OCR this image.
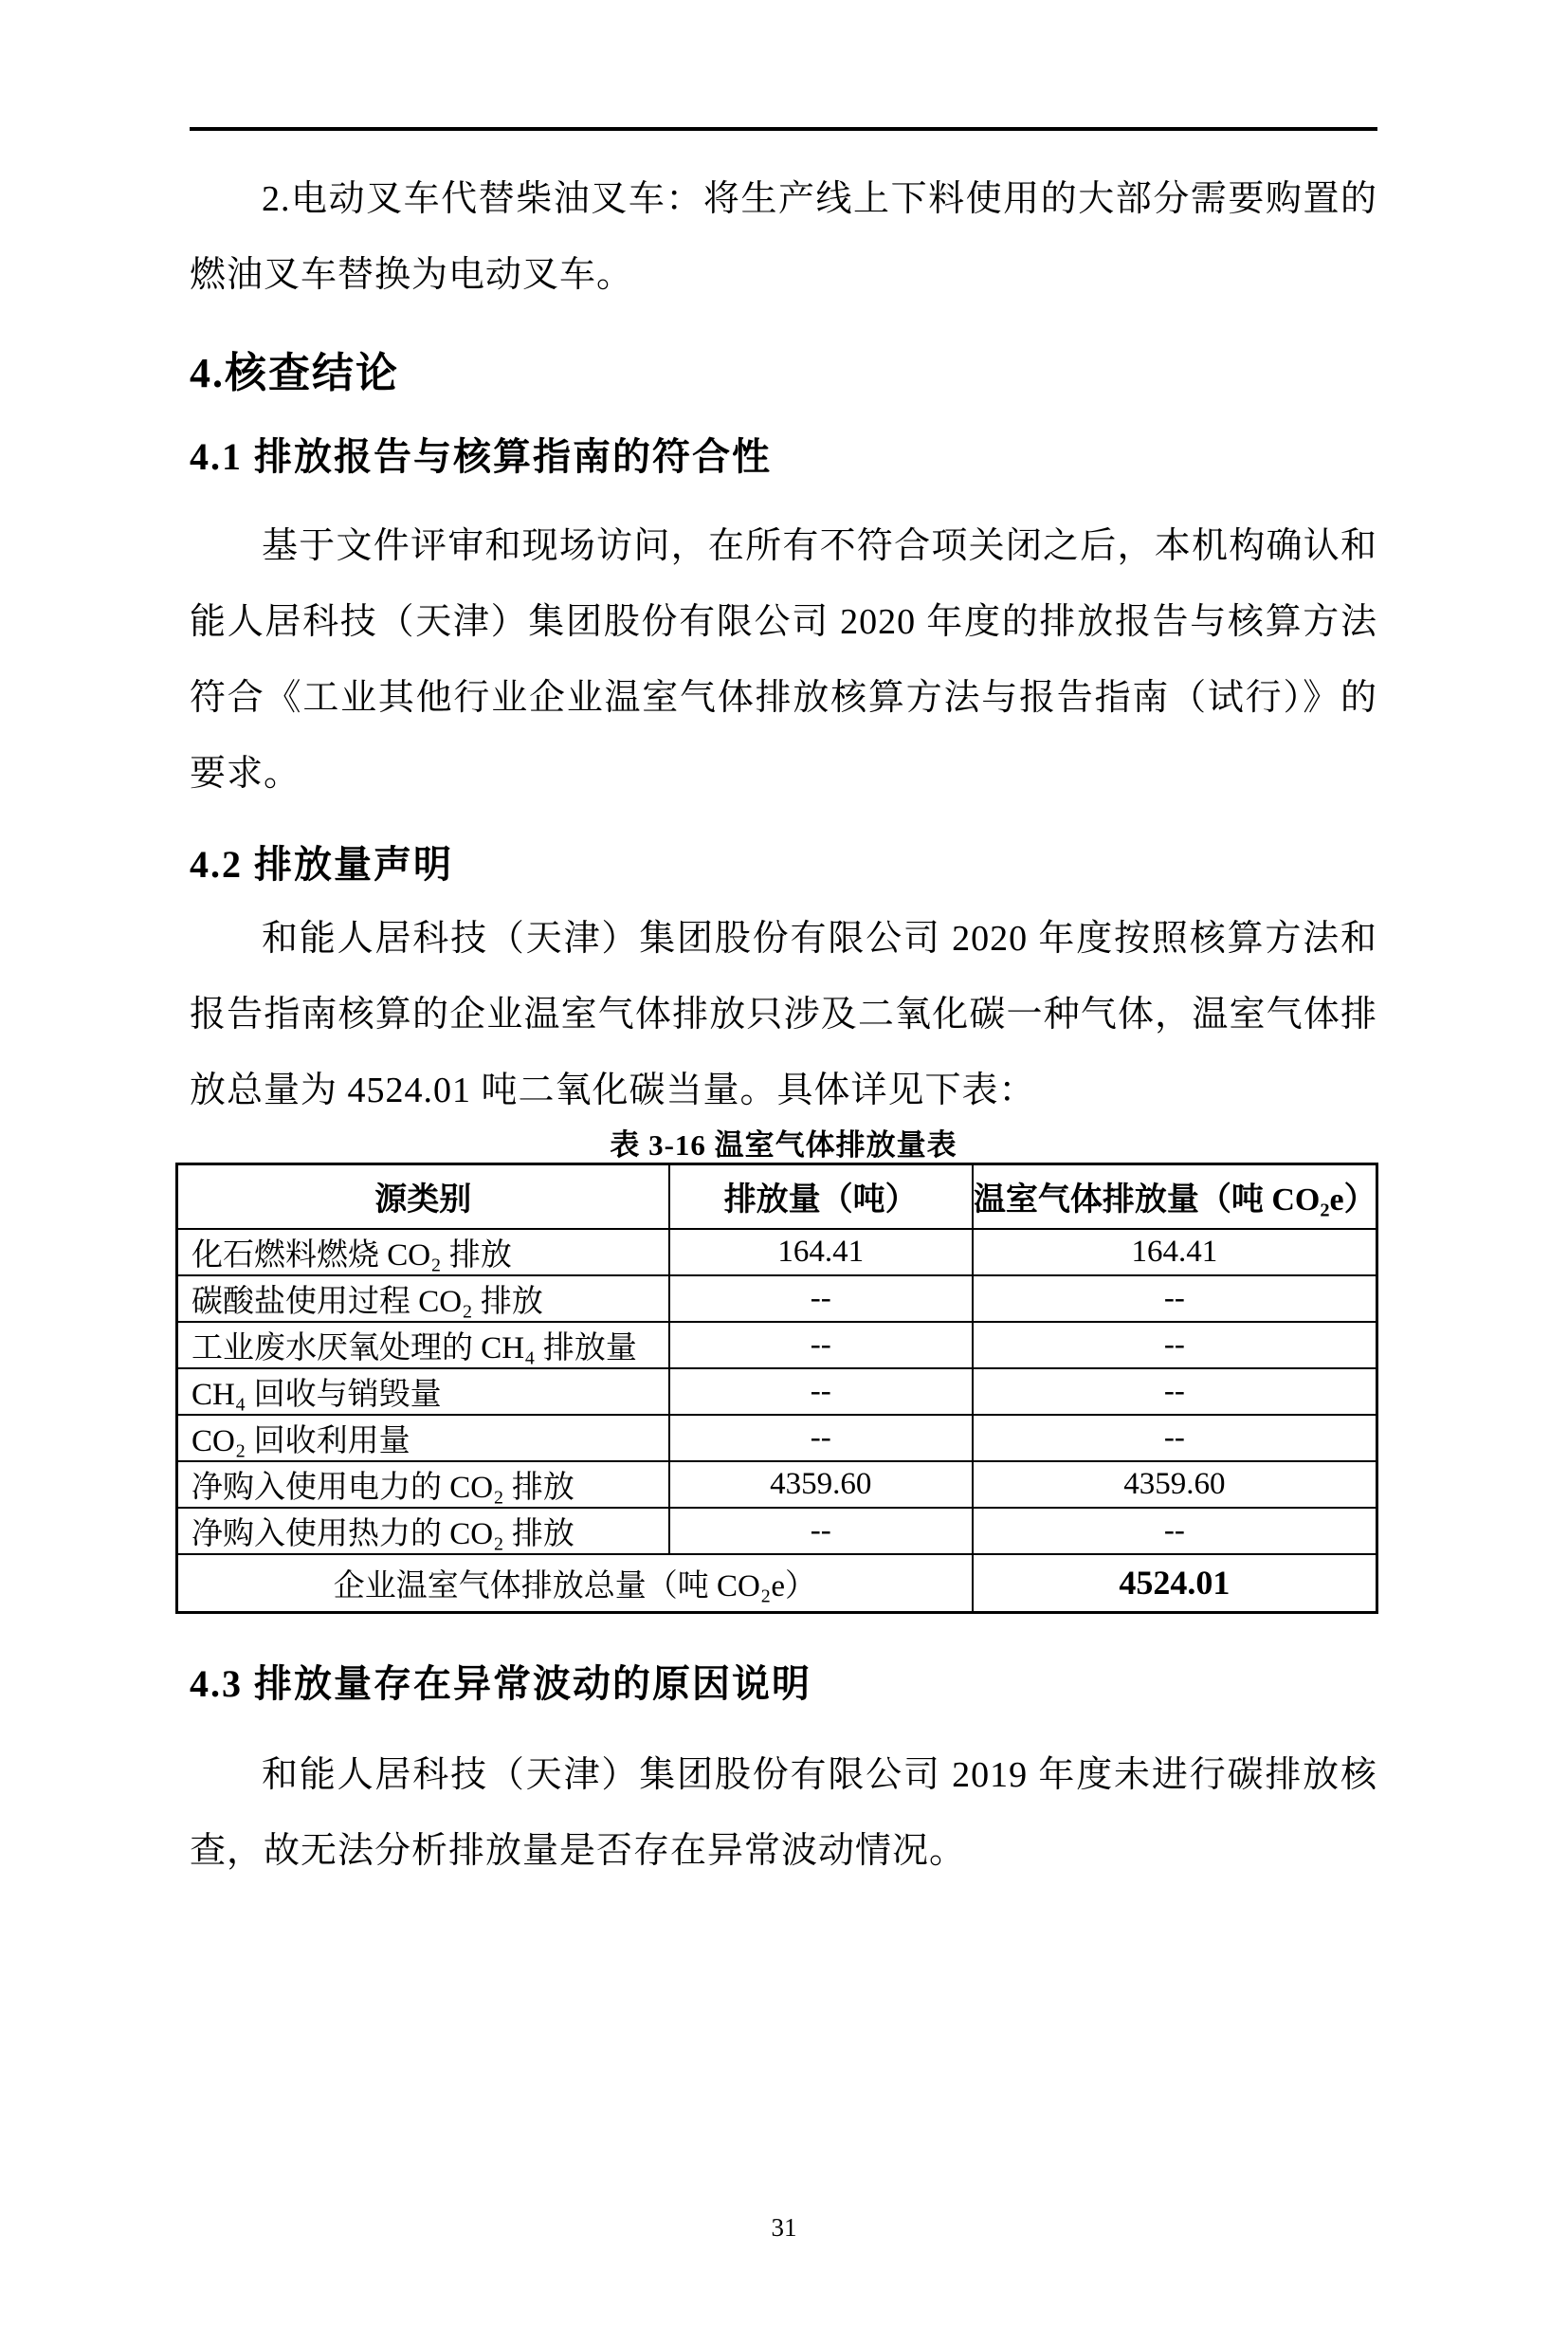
2.电动叉车代替柴油叉车：将生产线上下料使用的大部分需要购置的燃油叉车替换为电动叉车。

4.核查结论
4.1 排放报告与核算指南的符合性

基于文件评审和现场访问，在所有不符合项关闭之后，本机构确认和能人居科技（天津）集团股份有限公司 2020 年度的排放报告与核算方法符合《工业其他行业企业温室气体排放核算方法与报告指南（试行）》的要求。

4.2 排放量声明

和能人居科技（天津）集团股份有限公司 2020 年度按照核算方法和报告指南核算的企业温室气体排放只涉及二氧化碳一种气体，温室气体排放总量为 4524.01 吨二氧化碳当量。具体详见下表：

表 3-16 温室气体排放量表
源类别	排放量（吨）	温室气体排放量（吨 CO₂e）
化石燃料燃烧 CO₂ 排放	164.41	164.41
碳酸盐使用过程 CO₂ 排放	--	--
工业废水厌氧处理的 CH₄ 排放量	--	--
CH₄ 回收与销毁量	--	--
CO₂ 回收利用量	--	--
净购入使用电力的 CO₂ 排放	4359.60	4359.60
净购入使用热力的 CO₂ 排放	--	--
企业温室气体排放总量（吨 CO₂e）		4524.01
4.3 排放量存在异常波动的原因说明

和能人居科技（天津）集团股份有限公司 2019 年度未进行碳排放核查，故无法分析排放量是否存在异常波动情况。

31
